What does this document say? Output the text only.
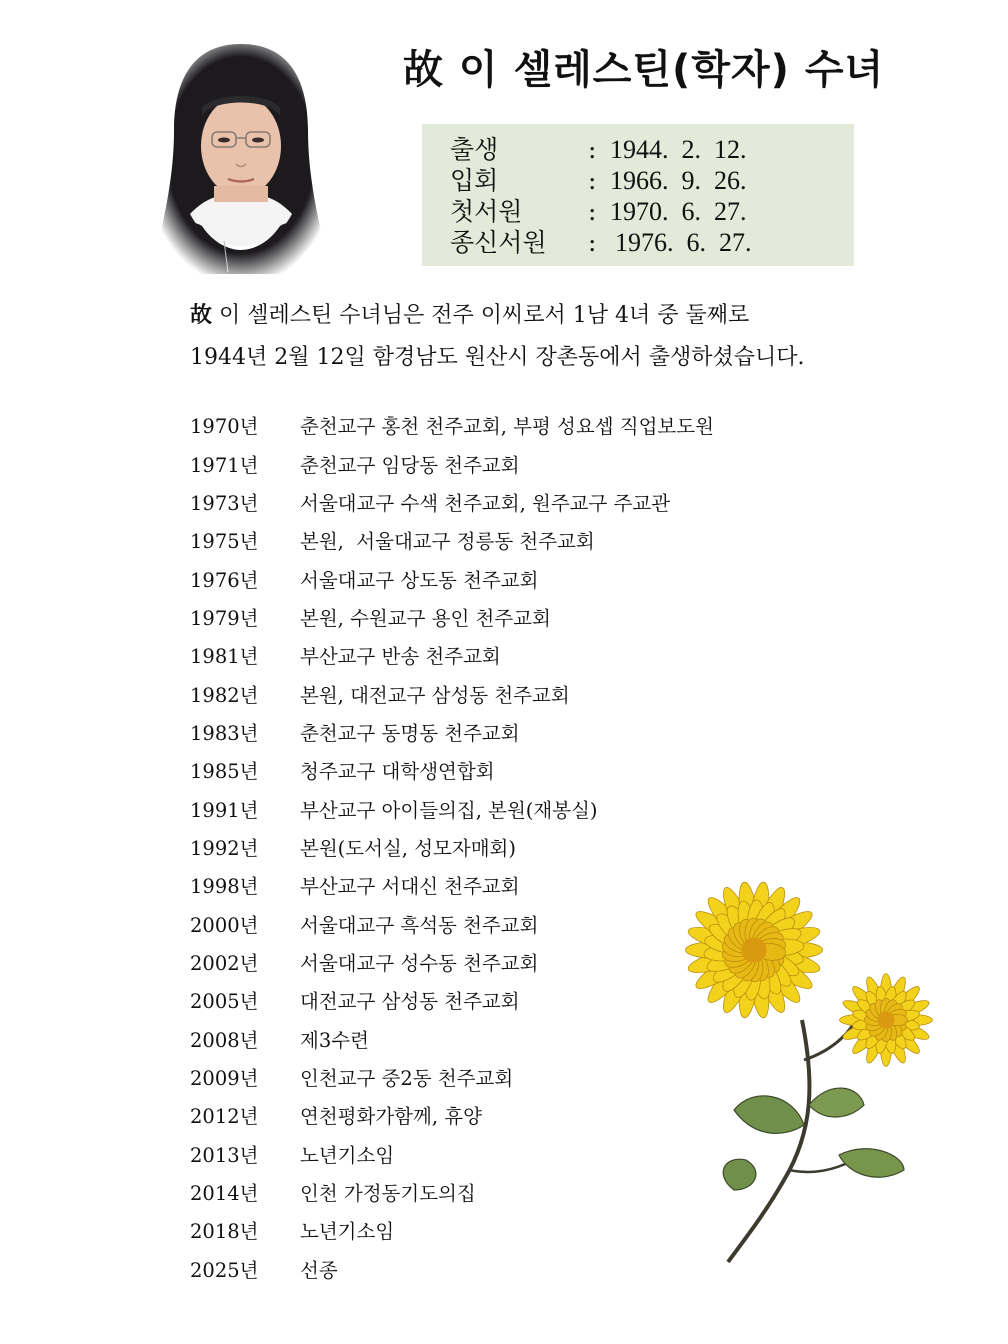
故 이 셀레스틴(학자) 수녀
출생	: 1944.  2.  12.
입회	: 1966.  9.  26.
첫서원	: 1970.  6.  27.
종신서원	: 1976.  6.  27.
故 이 셀레스틴 수녀님은 전주 이씨로서 1남 4녀 중 둘째로
1944년 2월 12일 함경남도 원산시 장촌동에서 출생하셨습니다.
1970년	춘천교구 홍천 천주교회, 부평 성요셉 직업보도원
1971년	춘천교구 임당동 천주교회
1973년	서울대교구 수색 천주교회, 원주교구 주교관
1975년	본원,  서울대교구 정릉동 천주교회
1976년	서울대교구 상도동 천주교회
1979년	본원, 수원교구 용인 천주교회
1981년	부산교구 반송 천주교회
1982년	본원, 대전교구 삼성동 천주교회
1983년	춘천교구 동명동 천주교회
1985년	청주교구 대학생연합회
1991년	부산교구 아이들의집, 본원(재봉실)
1992년	본원(도서실, 성모자매회)
1998년	부산교구 서대신 천주교회
2000년	서울대교구 흑석동 천주교회
2002년	서울대교구 성수동 천주교회
2005년	대전교구 삼성동 천주교회
2008년	제3수련
2009년	인천교구 중2동 천주교회
2012년	연천평화가함께, 휴양
2013년	노년기소임
2014년	인천 가정동기도의집
2018년	노년기소임
2025년	선종
